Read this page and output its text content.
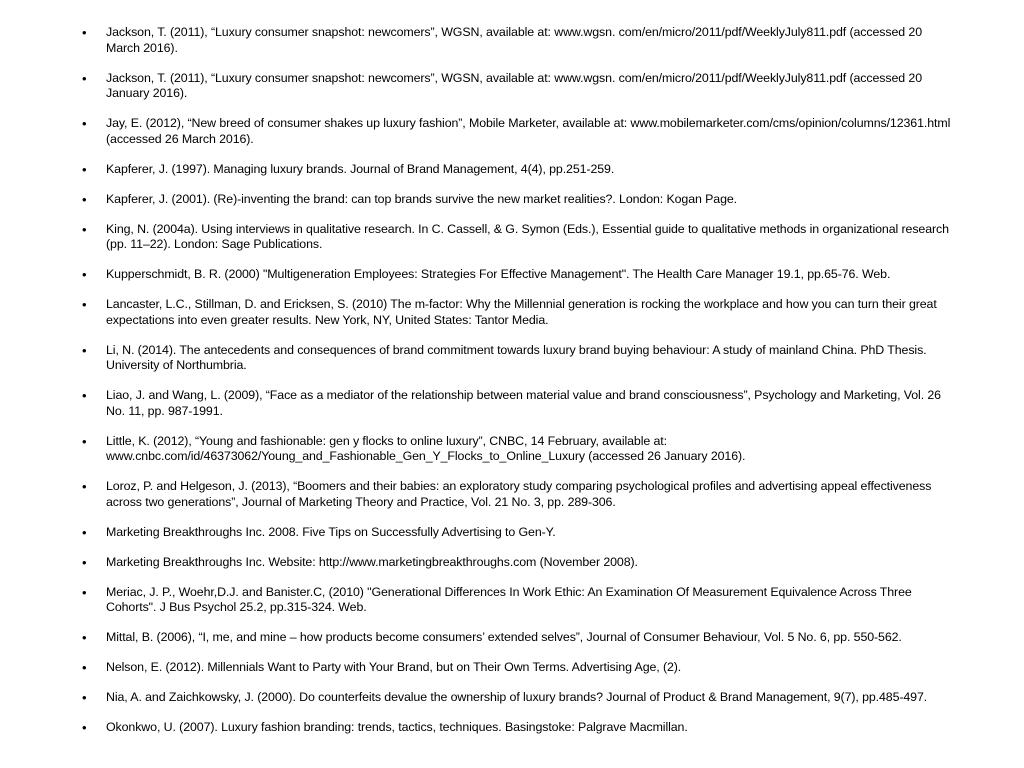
• Jackson, T. (2011), “Luxury consumer snapshot: newcomers”, WGSN, available at: www.wgsn. com/en/micro/2011/pdf/WeeklyJuly811.pdf (accessed 20 March 2016).
• Jackson, T. (2011), “Luxury consumer snapshot: newcomers”, WGSN, available at: www.wgsn. com/en/micro/2011/pdf/WeeklyJuly811.pdf (accessed 20 January 2016).
• Jay, E. (2012), “New breed of consumer shakes up luxury fashion”, Mobile Marketer, available at: www.mobilemarketer.com/cms/opinion/columns/12361.html (accessed 26 March 2016).
• Kapferer, J. (1997). Managing luxury brands. Journal of Brand Management, 4(4), pp.251-259.
• Kapferer, J. (2001). (Re)-inventing the brand: can top brands survive the new market realities?. London: Kogan Page.
• King, N. (2004a). Using interviews in qualitative research. In C. Cassell, & G. Symon (Eds.), Essential guide to qualitative methods in organizational research (pp. 11–22). London: Sage Publications.
• Kupperschmidt, B. R. (2000) "Multigeneration Employees: Strategies For Effective Management". The Health Care Manager 19.1, pp.65-76. Web.
• Lancaster, L.C., Stillman, D. and Ericksen, S. (2010) The m-factor: Why the Millennial generation is rocking the workplace and how you can turn their great expectations into even greater results. New York, NY, United States: Tantor Media.
• Li, N. (2014). The antecedents and consequences of brand commitment towards luxury brand buying behaviour: A study of mainland China. PhD Thesis. University of Northumbria.
• Liao, J. and Wang, L. (2009), “Face as a mediator of the relationship between material value and brand consciousness”, Psychology and Marketing, Vol. 26 No. 11, pp. 987-1991.
• Little, K. (2012), “Young and fashionable: gen y flocks to online luxury”, CNBC, 14 February, available at: www.cnbc.com/id/46373062/Young_and_Fashionable_Gen_Y_Flocks_to_Online_Luxury (accessed 26 January 2016).
• Loroz, P. and Helgeson, J. (2013), “Boomers and their babies: an exploratory study comparing psychological profiles and advertising appeal effectiveness across two generations”, Journal of Marketing Theory and Practice, Vol. 21 No. 3, pp. 289-306.
• Marketing Breakthroughs Inc. 2008. Five Tips on Successfully Advertising to Gen-Y.
• Marketing Breakthroughs Inc. Website: http://www.marketingbreakthroughs.com (November 2008).
• Meriac, J. P., Woehr,D.J. and Banister.C, (2010) "Generational Differences In Work Ethic: An Examination Of Measurement Equivalence Across Three Cohorts". J Bus Psychol 25.2, pp.315-324. Web.
• Mittal, B. (2006), “I, me, and mine – how products become consumers’ extended selves”, Journal of Consumer Behaviour, Vol. 5 No. 6, pp. 550-562.
• Nelson, E. (2012). Millennials Want to Party with Your Brand, but on Their Own Terms. Advertising Age, (2).
• Nia, A. and Zaichkowsky, J. (2000). Do counterfeits devalue the ownership of luxury brands? Journal of Product & Brand Management, 9(7), pp.485-497.
• Okonkwo, U. (2007). Luxury fashion branding: trends, tactics, techniques. Basingstoke: Palgrave Macmillan.
